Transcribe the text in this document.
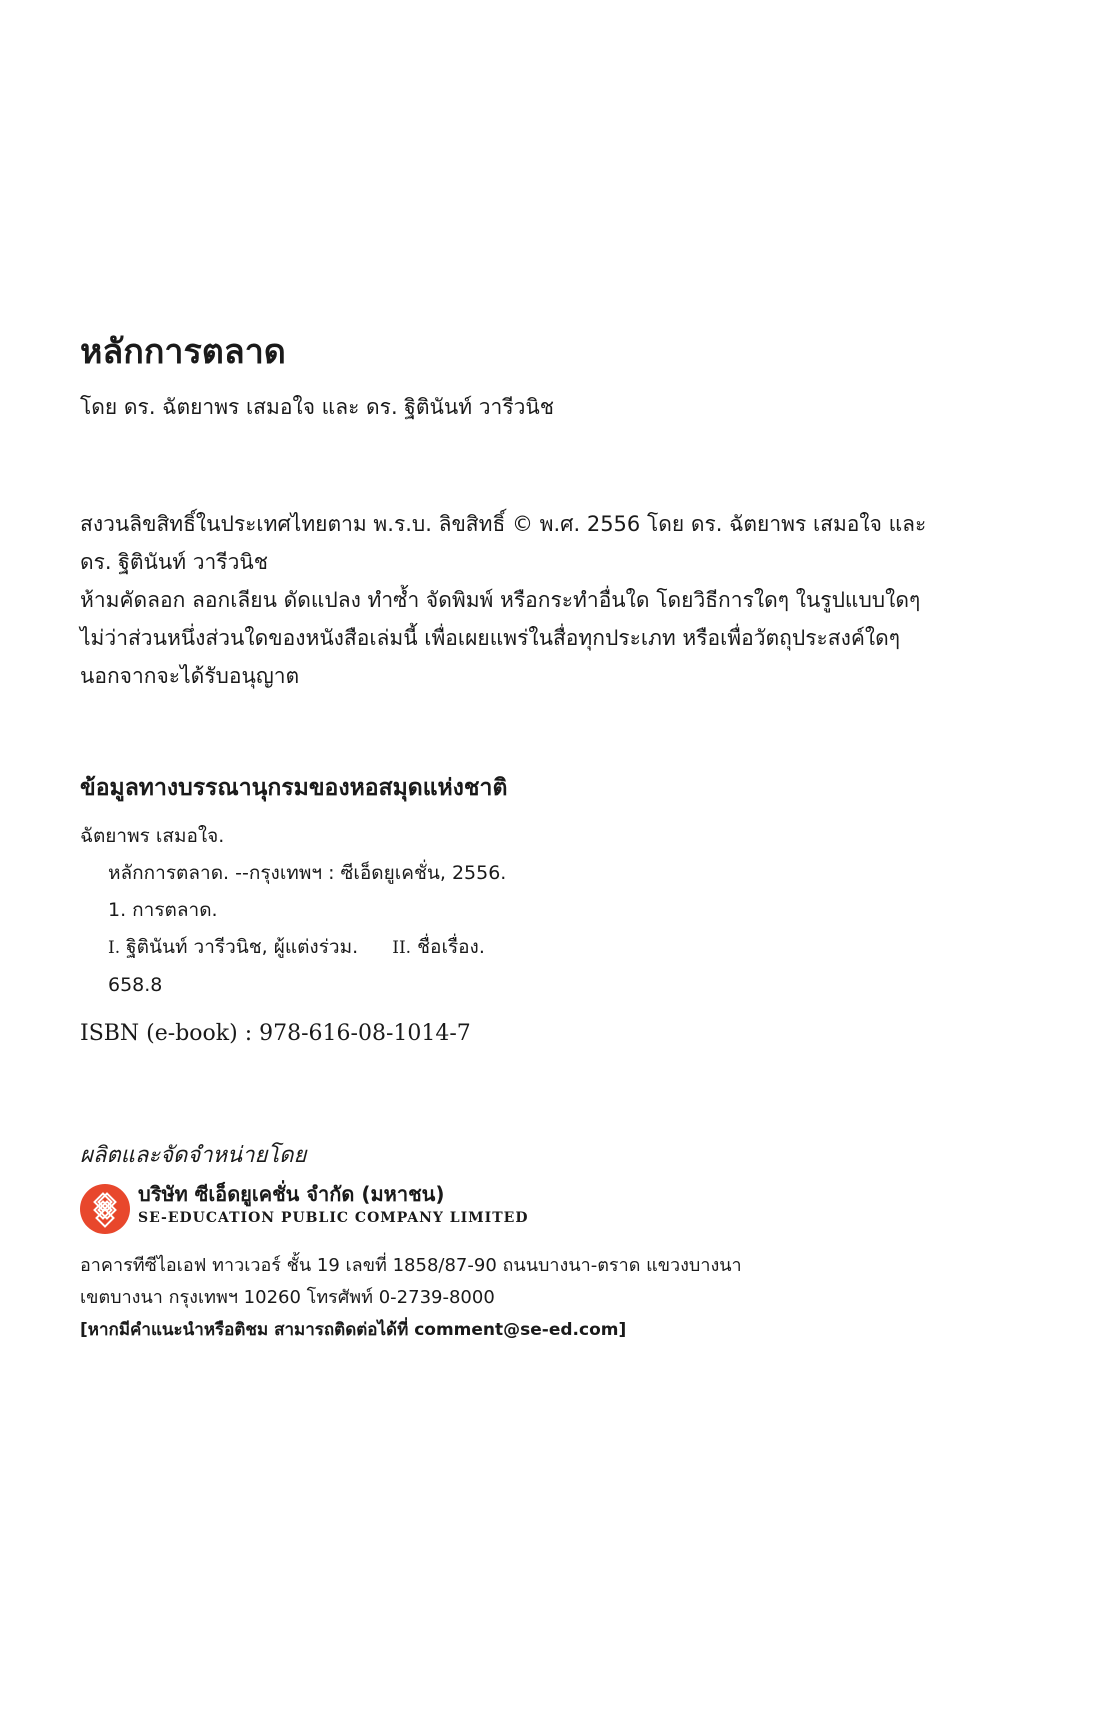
หลักการตลาด
โดย ดร. ฉัตยาพร เสมอใจ และ ดร. ฐิตินันท์ วารีวนิช

สงวนลิขสิทธิ์ในประเทศไทยตาม พ.ร.บ. ลิขสิทธิ์ © พ.ศ. 2556 โดย ดร. ฉัตยาพร เสมอใจ และ

ดร. ฐิตินันท์ วารีวนิช

ห้ามคัดลอก ลอกเลียน ดัดแปลง ทำซ้ำ จัดพิมพ์ หรือกระทำอื่นใด โดยวิธีการใดๆ ในรูปแบบใดๆ

ไม่ว่าส่วนหนึ่งส่วนใดของหนังสือเล่มนี้ เพื่อเผยแพร่ในสื่อทุกประเภท หรือเพื่อวัตถุประสงค์ใดๆ

นอกจากจะได้รับอนุญาต

ข้อมูลทางบรรณานุกรมของหอสมุดแห่งชาติ
ฉัตยาพร เสมอใจ.
หลักการตลาด. --กรุงเทพฯ : ซีเอ็ดยูเคชั่น, 2556.
1. การตลาด.
I. ฐิตินันท์ วารีวนิช, ผู้แต่งร่วม. II. ชื่อเรื่อง.
658.8
ISBN (e-book) : 978-616-08-1014-7
ผลิตและจัดจำหน่ายโดย
บริษัท ซีเอ็ดยูเคชั่น จำกัด (มหาชน)
SE-EDUCATION PUBLIC COMPANY LIMITED
อาคารทีซีไอเอฟ ทาวเวอร์ ชั้น 19 เลขที่ 1858/87-90 ถนนบางนา-ตราด แขวงบางนา
เขตบางนา กรุงเทพฯ 10260 โทรศัพท์ 0-2739-8000
[หากมีคำแนะนำหรือติชม สามารถติดต่อได้ที่ comment@se-ed.com]
